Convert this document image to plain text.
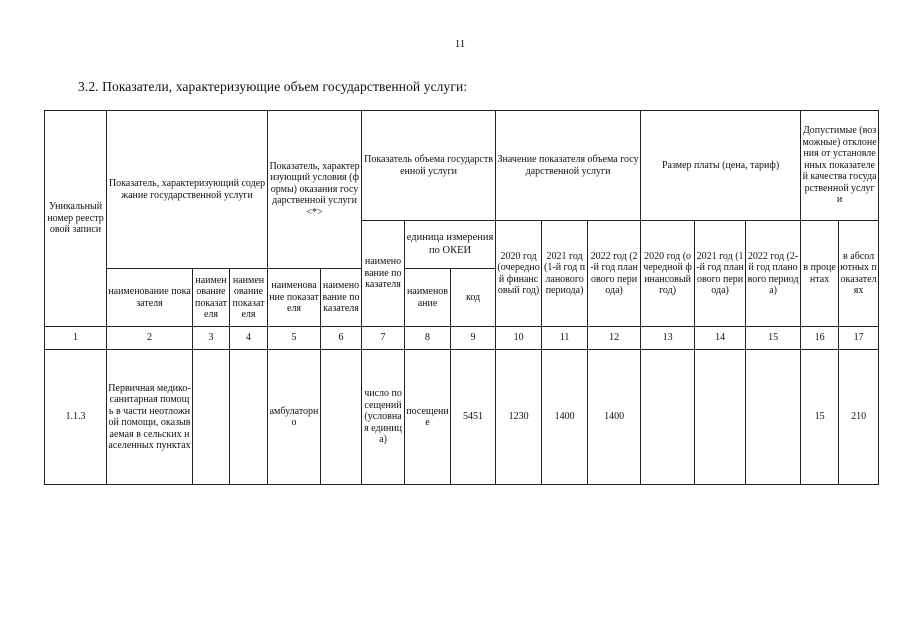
11
3.2. Показатели, характеризующие объем государственной услуги:
Уникальный номер реестровой записи	Показатель, характеризующий содержание государственной услуги			Показатель, характеризующий условия (формы) оказания государственной услуги <*>		Показатель объема государственной услуги			Значение показателя объема государственной услуги			Размер платы (цена, тариф)			Допустимые (возможные) отклонения от установленных показателей качества государственной услуги	
						наименование показателя	единица измерения по ОКЕИ		2020 год (очередной финансовый год)	2021 год (1-й год планового периода)	2022 год (2-й год планового периода)	2020 год (очередной финансовый год)	2021 год (1-й год планового периода)	2022 год (2-й год планового периода)	в процентах	в абсолютных показателях
	наименование показателя	наименование показателя	наименование показателя	наименование показателя	наименование показателя		наименование	код								
1	2	3	4	5	6	7	8	9	10	11	12	13	14	15	16	17
1.1.3	Первичная медико-санитарная помощь в части неотложной помощи, оказываемая в сельских населенных пунктах			амбулаторно		число посещений (условная единица)	посещение	5451	1230	1400	1400				15	210
